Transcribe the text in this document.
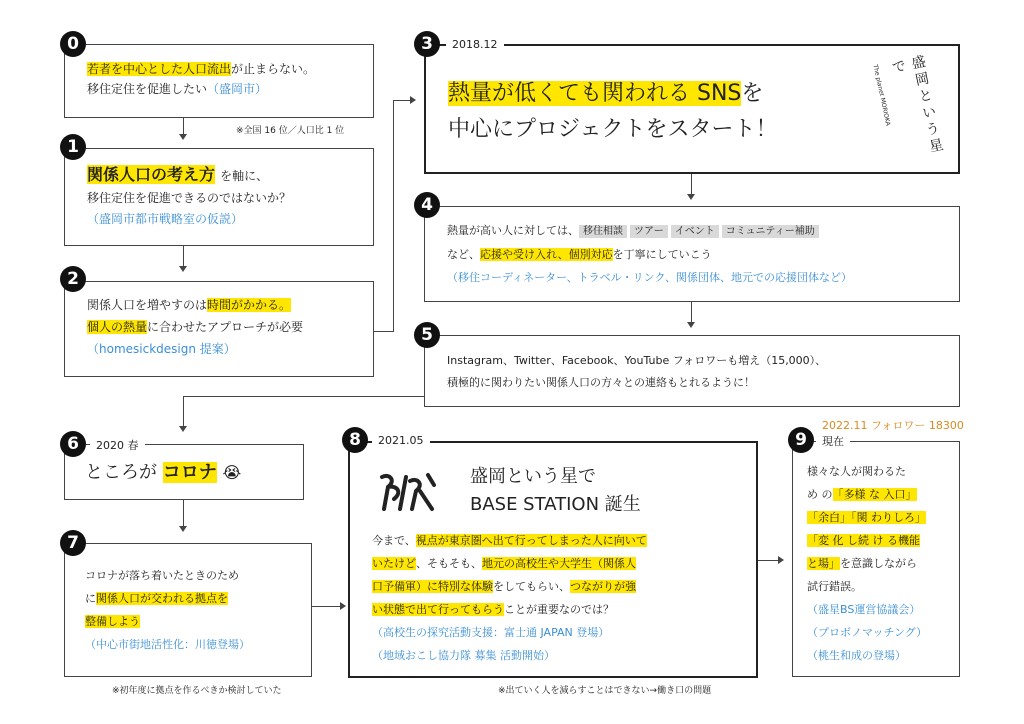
若者を中心とした人口流出が止まらない。
移住定住を促進したい（盛岡市）
0
※全国 16 位／人口比 1 位
関係人口の考え方 を軸に、
移住定住を促進できるのではないか？
（盛岡市都市戦略室の仮説）
1
関係人口を増やすのは時間がかかる。
個人の熱量に合わせたアプローチが必要
（homesickdesign 提案）
2
熱量が低くても関われる SNSを
中心にプロジェクトをスタート！	盛岡という星で
The planet MORIOKA
3	2018.12
熱量が高い人に対しては、 移住相談 ツアー イベント コミュニティー補助
など、応援や受け入れ、個別対応を丁寧にしていこう
（移住コーディネーター、トラベル・リンク、関係団体、地元での応援団体など）
4
Instagram、Twitter、Facebook、YouTube フォロワーも増え（15,000）、
積極的に関わりたい関係人口の方々との連絡もとれるように！
5
ところが コロナ 😭
6	2020 春
コロナが落ち着いたときのため
に関係人口が交われる拠点を
整備しよう
（中心市街地活性化：川徳登場）
7
※初年度に拠点を作るべきか検討していた
盛岡という星で
BASE STATION 誕生
今まで、視点が東京圏へ出て行ってしまった人に向いて
いたけど、そもそも、地元の高校生や大学生（関係人
口予備軍）に特別な体験をしてもらい、つながりが強
い状態で出て行ってもらうことが重要なのでは？
（高校生の探究活動支援：富士通 JAPAN 登場）
（地域おこし協力隊 募集 活動開始）
8	2021.05
※出ていく人を減らすことはできない→働き口の問題
2022.11 フォロワー 18300
様々な人が関わるた
め の「多様 な 入口」
「余白」「関 わりしろ」
「変 化 し続 け る機能
と場」を意識しながら
試行錯誤。
（盛星BS運営協議会）
（プロボノマッチング）
（桃生和成の登場）
9	現在
